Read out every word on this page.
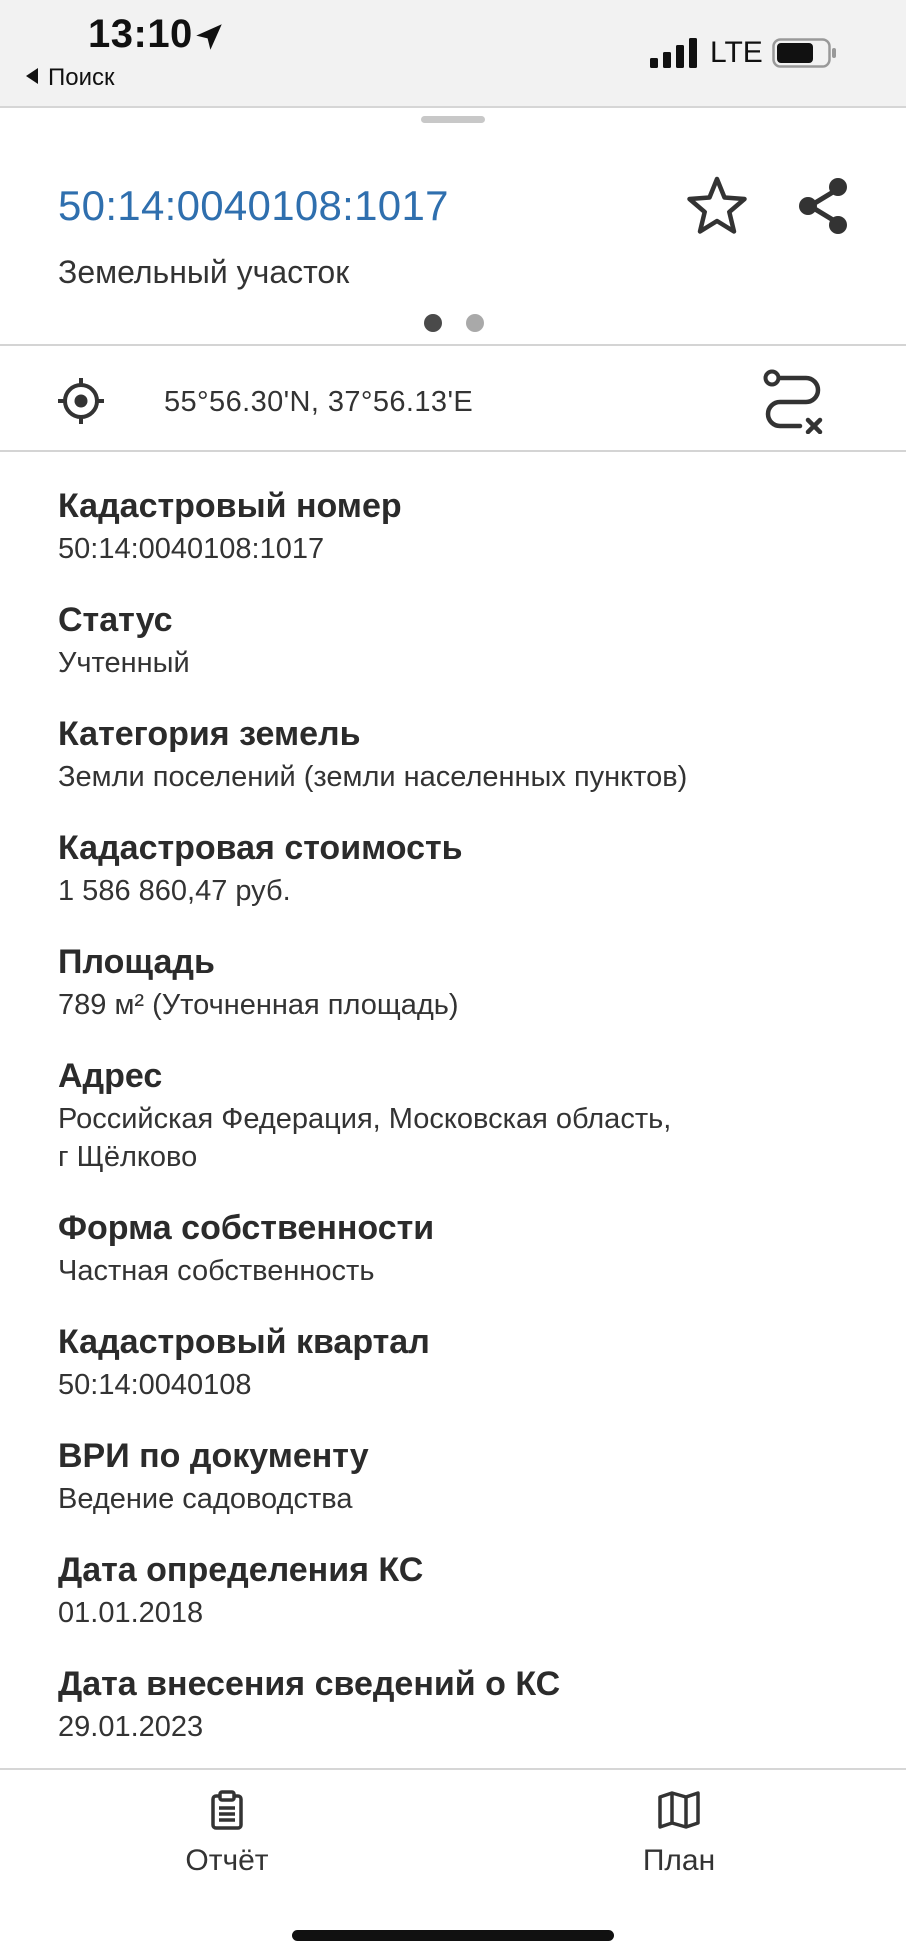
13:10
Поиск
LTE
50:14:0040108:1017
Земельный участок
55°56.30'N, 37°56.13'E
Кадастровый номер
50:14:0040108:1017
Статус
Учтенный
Категория земель
Земли поселений (земли населенных пунктов)
Кадастровая стоимость
1 586 860,47 руб.
Площадь
789 м² (Уточненная площадь)
Адрес
Российская Федерация, Московская область,
г Щёлково
Форма собственности
Частная собственность
Кадастровый квартал
50:14:0040108
ВРИ по документу
Ведение садоводства
Дата определения КС
01.01.2018
Дата внесения сведений о КС
29.01.2023
Отчёт	План
